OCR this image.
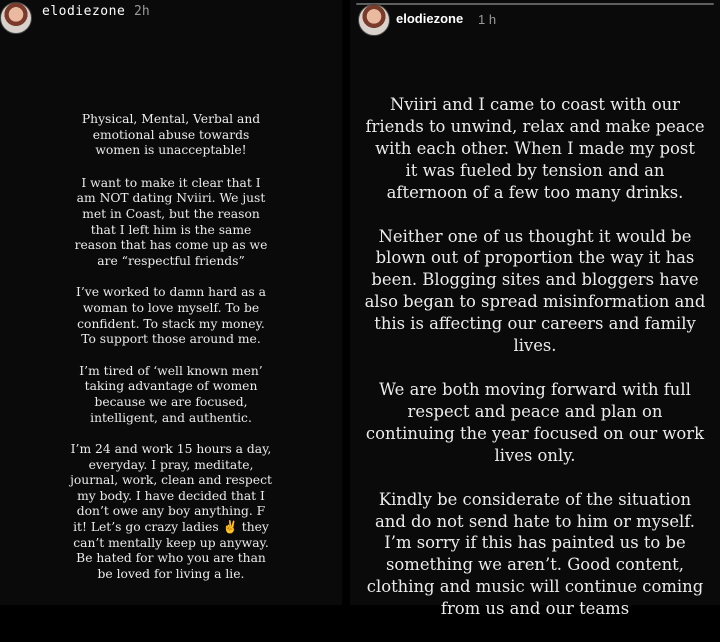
elodiezone 2h
Physical, Mental, Verbal and
emotional abuse towards
women is unacceptable!
I want to make it clear that I
am NOT dating Nviiri. We just
met in Coast, but the reason
that I left him is the same
reason that has come up as we
are “respectful friends”
I’ve worked to damn hard as a
woman to love myself. To be
confident. To stack my money.
To support those around me.
I’m tired of ‘well known men’
taking advantage of women
because we are focused,
intelligent, and authentic.
I’m 24 and work 15 hours a day,
everyday. I pray, meditate,
journal, work, clean and respect
my body. I have decided that I
don’t owe any boy anything. F
it! Let’s go crazy ladies ✌ they
can’t mentally keep up anyway.
Be hated for who you are than
be loved for living a lie.
elodiezone 1 h
Nviiri and I came to coast with our
friends to unwind, relax and make peace
with each other. When I made my post
it was fueled by tension and an
afternoon of a few too many drinks.
Neither one of us thought it would be
blown out of proportion the way it has
been. Blogging sites and bloggers have
also began to spread misinformation and
this is affecting our careers and family
lives.
We are both moving forward with full
respect and peace and plan on
continuing the year focused on our work
lives only.
Kindly be considerate of the situation
and do not send hate to him or myself.
I’m sorry if this has painted us to be
something we aren’t. Good content,
clothing and music will continue coming
from us and our teams
